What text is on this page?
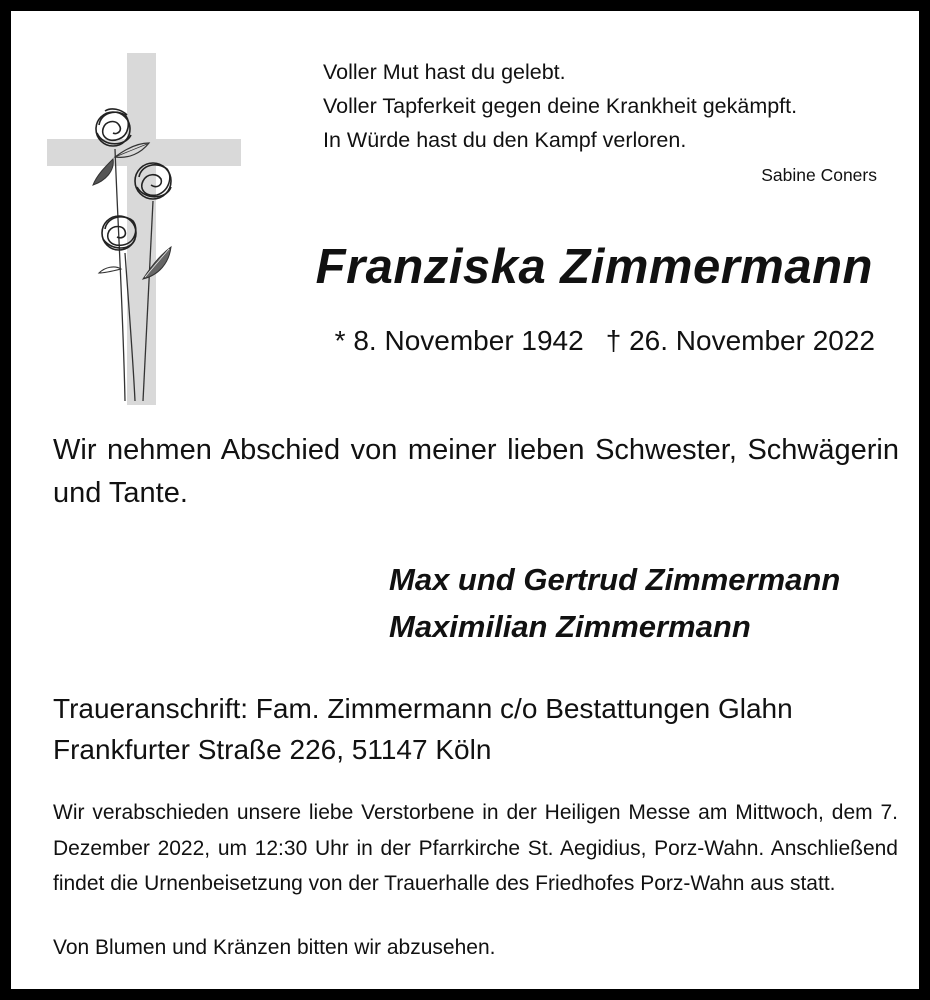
Voller Mut hast du gelebt.
Voller Tapferkeit gegen deine Krankheit gekämpft.
In Würde hast du den Kampf verloren.
Sabine Coners
Franziska Zimmermann
* 8. November 1942 † 26. November 2022
Wir nehmen Abschied von meiner lieben Schwester, Schwägerin und Tante.
Max und Gertrud Zimmermann
Maximilian Zimmermann
Traueranschrift: Fam. Zimmermann c/o Bestattungen Glahn
Frankfurter Straße 226, 51147 Köln
Wir verabschieden unsere liebe Verstorbene in der Heiligen Messe am Mittwoch, dem 7. Dezember 2022, um 12:30 Uhr in der Pfarrkirche St. Aegidius, Porz-Wahn. Anschließend findet die Urnenbeisetzung von der Trauerhalle des Friedhofes Porz-Wahn aus statt.
Von Blumen und Kränzen bitten wir abzusehen.
